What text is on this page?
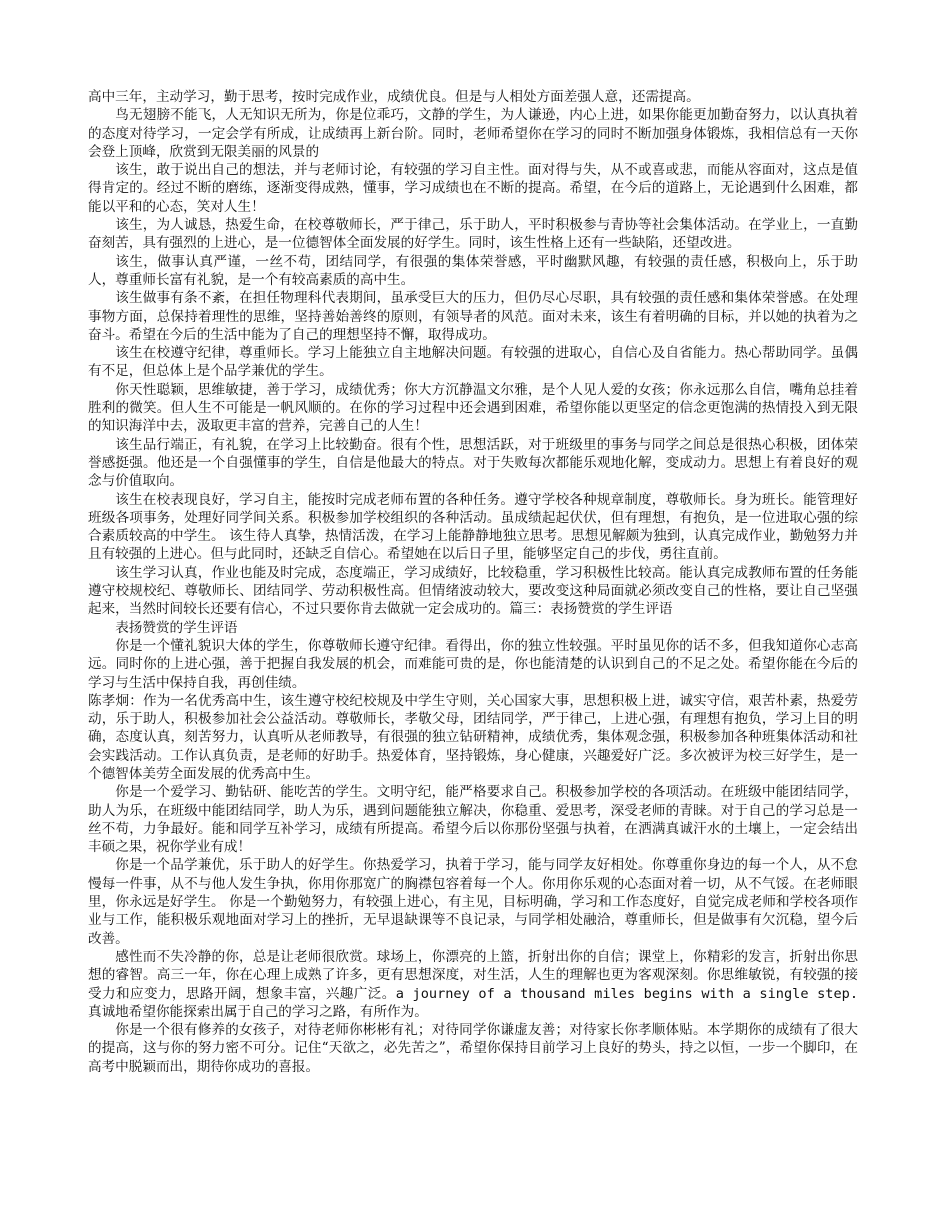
高中三年，主动学习，勤于思考，按时完成作业，成绩优良。但是与人相处方面差强人意，还需提高。

鸟无翅膀不能飞，人无知识无所为，你是位乖巧，文静的学生，为人谦逊，内心上进，如果你能更加勤奋努力，以认真执着的态度对待学习，一定会学有所成，让成绩再上新台阶。同时，老师希望你在学习的同时不断加强身体锻炼，我相信总有一天你会登上顶峰，欣赏到无限美丽的风景的

该生，敢于说出自己的想法，并与老师讨论，有较强的学习自主性。面对得与失，从不或喜或悲，而能从容面对，这点是值得肯定的。经过不断的磨练，逐渐变得成熟，懂事，学习成绩也在不断的提高。希望，在今后的道路上，无论遇到什么困难，都能以平和的心态，笑对人生！

该生，为人诚恳，热爱生命，在校尊敬师长，严于律己，乐于助人，平时积极参与青协等社会集体活动。在学业上，一直勤奋刻苦，具有强烈的上进心，是一位德智体全面发展的好学生。同时，该生性格上还有一些缺陷，还望改进。

该生，做事认真严谨，一丝不苟，团结同学，有很强的集体荣誉感，平时幽默风趣，有较强的责任感，积极向上，乐于助人，尊重师长富有礼貌，是一个有较高素质的高中生。

该生做事有条不紊，在担任物理科代表期间，虽承受巨大的压力，但仍尽心尽职，具有较强的责任感和集体荣誉感。在处理事物方面，总保持着理性的思维，坚持善始善终的原则，有领导者的风范。面对未来，该生有着明确的目标，并以她的执着为之奋斗。希望在今后的生活中能为了自己的理想坚持不懈，取得成功。

该生在校遵守纪律，尊重师长。学习上能独立自主地解决问题。有较强的进取心，自信心及自省能力。热心帮助同学。虽偶有不足，但总体上是个品学兼优的学生。

你天性聪颖，思维敏捷，善于学习，成绩优秀；你大方沉静温文尔雅，是个人见人爱的女孩；你永远那么自信，嘴角总挂着胜利的微笑。但人生不可能是一帆风顺的。在你的学习过程中还会遇到困难，希望你能以更坚定的信念更饱满的热情投入到无限的知识海洋中去，汲取更丰富的营养，完善自己的人生！

该生品行端正，有礼貌，在学习上比较勤奋。很有个性，思想活跃，对于班级里的事务与同学之间总是很热心积极，团体荣誉感挺强。他还是一个自强懂事的学生，自信是他最大的特点。对于失败每次都能乐观地化解，变成动力。思想上有着良好的观念与价值取向。

该生在校表现良好，学习自主，能按时完成老师布置的各种任务。遵守学校各种规章制度，尊敬师长。身为班长。能管理好班级各项事务，处理好同学间关系。积极参加学校组织的各种活动。虽成绩起起伏伏，但有理想，有抱负，是一位进取心强的综合素质较高的中学生。 该生待人真挚，热情活泼，在学习上能静静地独立思考。思想见解颇为独到，认真完成作业，勤勉努力并且有较强的上进心。但与此同时，还缺乏自信心。希望她在以后日子里，能够坚定自己的步伐，勇往直前。

该生学习认真，作业也能及时完成，态度端正，学习成绩好，比较稳重，学习积极性比较高。能认真完成教师布置的任务能遵守校规校纪、尊敬师长、团结同学、劳动积极性高。但情绪波动较大，要改变这种局面就必须改变自己的性格，要让自己坚强起来，当然时间较长还要有信心，不过只要你肯去做就一定会成功的。篇三：表扬赞赏的学生评语

表扬赞赏的学生评语

你是一个懂礼貌识大体的学生，你尊敬师长遵守纪律。看得出，你的独立性较强。平时虽见你的话不多，但我知道你心志高远。同时你的上进心强，善于把握自我发展的机会，而难能可贵的是，你也能清楚的认识到自己的不足之处。希望你能在今后的学习与生活中保持自我，再创佳绩。

陈孝炯：作为一名优秀高中生，该生遵守校纪校规及中学生守则，关心国家大事，思想积极上进，诚实守信，艰苦朴素，热爱劳动，乐于助人，积极参加社会公益活动。尊敬师长，孝敬父母，团结同学，严于律己，上进心强，有理想有抱负，学习上目的明确，态度认真，刻苦努力，认真听从老师教导，有很强的独立钻研精神，成绩优秀，集体观念强，积极参加各种班集体活动和社会实践活动。工作认真负责，是老师的好助手。热爱体育，坚持锻炼，身心健康，兴趣爱好广泛。多次被评为校三好学生，是一个德智体美劳全面发展的优秀高中生。

你是一个爱学习、勤钻研、能吃苦的学生。文明守纪，能严格要求自己。积极参加学校的各项活动。在班级中能团结同学，助人为乐，在班级中能团结同学，助人为乐，遇到问题能独立解决，你稳重、爱思考，深受老师的青睐。对于自己的学习总是一丝不苟，力争最好。能和同学互补学习，成绩有所提高。希望今后以你那份坚强与执着，在洒满真诚汗水的土壤上，一定会结出丰硕之果，祝你学业有成！

你是一个品学兼优，乐于助人的好学生。你热爱学习，执着于学习，能与同学友好相处。你尊重你身边的每一个人，从不怠慢每一件事，从不与他人发生争执，你用你那宽广的胸襟包容着每一个人。你用你乐观的心态面对着一切，从不气馁。在老师眼里，你永远是好学生。 你是一个勤勉努力，有较强上进心，有主见，目标明确，学习和工作态度好，自觉完成老师和学校各项作业与工作，能积极乐观地面对学习上的挫折，无早退缺课等不良记录，与同学相处融洽，尊重师长，但是做事有欠沉稳，望今后改善。

感性而不失冷静的你，总是让老师很欣赏。球场上，你漂亮的上篮，折射出你的自信；课堂上，你精彩的发言，折射出你思想的睿智。高三一年，你在心理上成熟了许多，更有思想深度，对生活，人生的理解也更为客观深刻。你思维敏锐，有较强的接受力和应变力，思路开阔，想象丰富，兴趣广泛。a journey of a thousand miles begins with a single step.真诚地希望你能探索出属于自己的学习之路，有所作为。

你是一个很有修养的女孩子，对待老师你彬彬有礼；对待同学你谦虚友善；对待家长你孝顺体贴。本学期你的成绩有了很大的提高，这与你的努力密不可分。记住“天欲之，必先苦之”，希望你保持目前学习上良好的势头，持之以恒，一步一个脚印，在高考中脱颖而出，期待你成功的喜报。
